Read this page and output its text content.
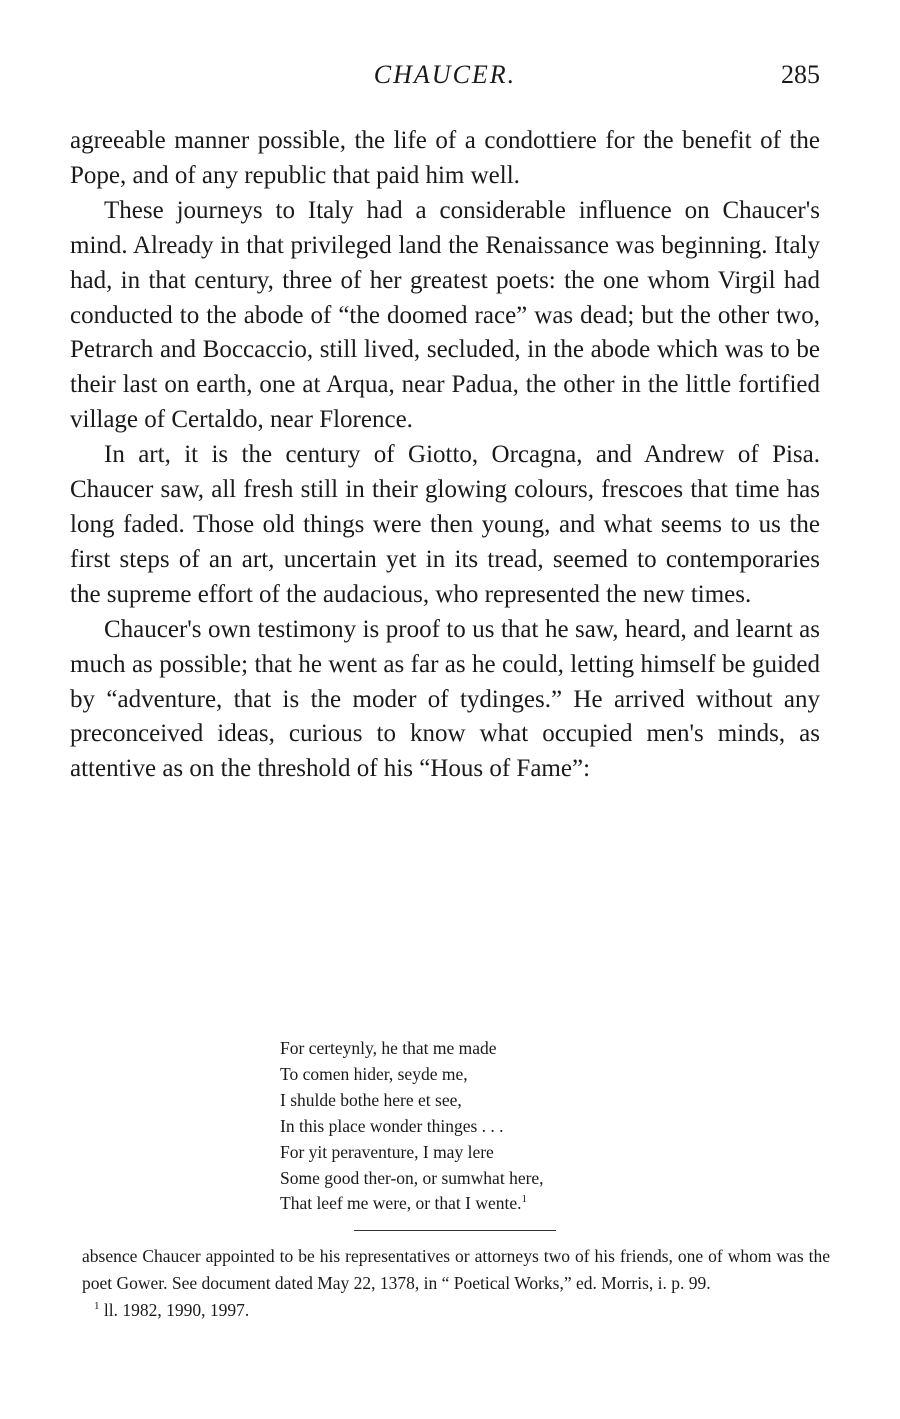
CHAUCER.	285

agreeable manner possible, the life of a condottiere for the benefit of the Pope, and of any republic that paid him well.

These journeys to Italy had a considerable influence on Chaucer's mind. Already in that privileged land the Renaissance was beginning. Italy had, in that century, three of her greatest poets: the one whom Virgil had conducted to the abode of “the doomed race” was dead; but the other two, Petrarch and Boccaccio, still lived, secluded, in the abode which was to be their last on earth, one at Arqua, near Padua, the other in the little fortified village of Certaldo, near Florence.

In art, it is the century of Giotto, Orcagna, and Andrew of Pisa. Chaucer saw, all fresh still in their glowing colours, frescoes that time has long faded. Those old things were then young, and what seems to us the first steps of an art, uncertain yet in its tread, seemed to contemporaries the supreme effort of the audacious, who represented the new times.

Chaucer's own testimony is proof to us that he saw, heard, and learnt as much as possible; that he went as far as he could, letting himself be guided by “adventure, that is the moder of tydinges.” He arrived without any preconceived ideas, curious to know what occupied men's minds, as attentive as on the threshold of his “Hous of Fame”:

For certeynly, he that me made
To comen hider, seyde me,
I shulde bothe here et see,
In this place wonder thinges . . .
For yit peraventure, I may lere
Some good ther-on, or sumwhat here,
That leef me were, or that I wente.$^1$

absence Chaucer appointed to be his representatives or attorneys two of his friends, one of whom was the poet Gower. See document dated May 22, 1378, in “ Poetical Works,” ed. Morris, i. p. 99.

$^1$ ll. 1982, 1990, 1997.
